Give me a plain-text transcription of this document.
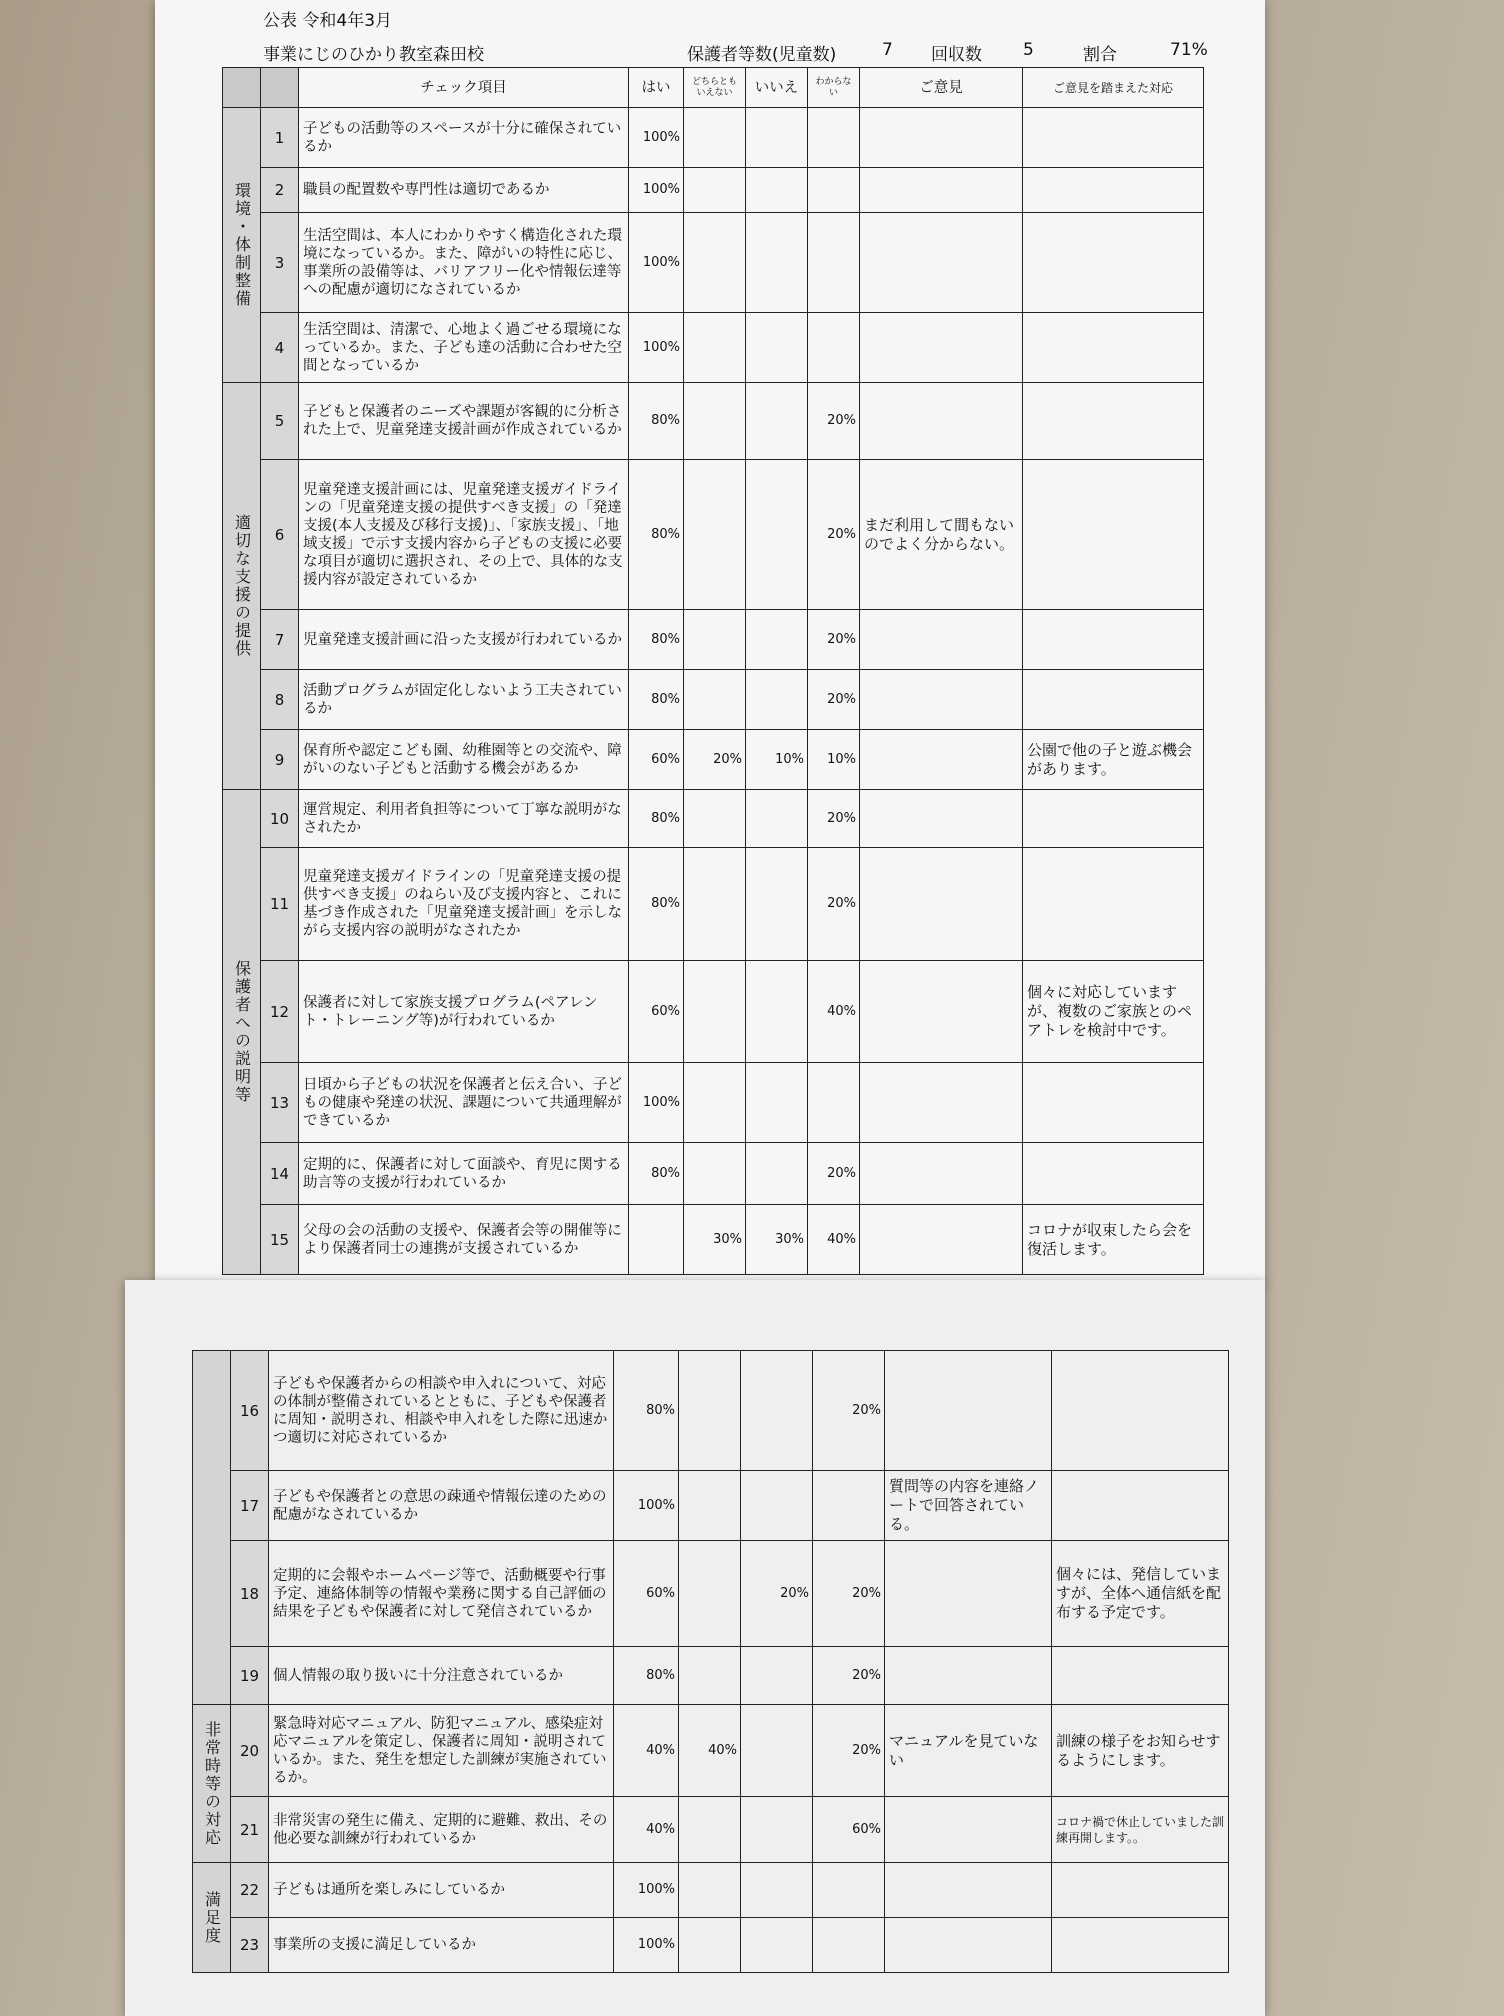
公表 令和4年3月
事業にじのひかり教室森田校	保護者等数(児童数)	7 回収数 5	割合	71%
		チェック項目	はい	どちらともいえない	いいえ	わからない	ご意見	ご意見を踏まえた対応
環境・体制整備	1	子どもの活動等のスペースが十分に確保されているか	100%					
	2	職員の配置数や専門性は適切であるか	100%					
	3	生活空間は、本人にわかりやすく構造化された環境になっているか。また、障がいの特性に応じ、事業所の設備等は、バリアフリー化や情報伝達等への配慮が適切になされているか	100%					
	4	生活空間は、清潔で、心地よく過ごせる環境になっているか。また、子ども達の活動に合わせた空間となっているか	100%					
適切な支援の提供	5	子どもと保護者のニーズや課題が客観的に分析された上で、児童発達支援計画が作成されているか	80%			20%		
	6	児童発達支援計画には、児童発達支援ガイドラインの「児童発達支援の提供すべき支援」の「発達支援(本人支援及び移行支援)」、「家族支援」、「地域支援」で示す支援内容から子どもの支援に必要な項目が適切に選択され、その上で、具体的な支援内容が設定されているか	80%			20%	まだ利用して間もないのでよく分からない。	
	7	児童発達支援計画に沿った支援が行われているか	80%			20%		
	8	活動プログラムが固定化しないよう工夫されているか	80%			20%		
	9	保育所や認定こども園、幼稚園等との交流や、障がいのない子どもと活動する機会があるか	60%	20%	10%	10%		公園で他の子と遊ぶ機会があります。
保護者への説明等	10	運営規定、利用者負担等について丁寧な説明がなされたか	80%			20%		
	11	児童発達支援ガイドラインの「児童発達支援の提供すべき支援」のねらい及び支援内容と、これに基づき作成された「児童発達支援計画」を示しながら支援内容の説明がなされたか	80%			20%		
	12	保護者に対して家族支援プログラム(ペアレント・トレーニング等)が行われているか	60%			40%		個々に対応していますが、複数のご家族とのペアトレを検討中です。
	13	日頃から子どもの状況を保護者と伝え合い、子どもの健康や発達の状況、課題について共通理解ができているか	100%					
	14	定期的に、保護者に対して面談や、育児に関する助言等の支援が行われているか	80%			20%		
	15	父母の会の活動の支援や、保護者会等の開催等により保護者同士の連携が支援されているか		30%	30%	40%		コロナが収束したら会を復活します。
	16	子どもや保護者からの相談や申入れについて、対応の体制が整備されているとともに、子どもや保護者に周知・説明され、相談や申入れをした際に迅速かつ適切に対応されているか	80%			20%		
	17	子どもや保護者との意思の疎通や情報伝達のための配慮がなされているか	100%				質問等の内容を連絡ノートで回答されている。	
	18	定期的に会報やホームページ等で、活動概要や行事予定、連絡体制等の情報や業務に関する自己評価の結果を子どもや保護者に対して発信されているか	60%		20%	20%		個々には、発信していますが、全体へ通信紙を配布する予定です。
	19	個人情報の取り扱いに十分注意されているか	80%			20%		
非常時等の対応	20	緊急時対応マニュアル、防犯マニュアル、感染症対応マニュアルを策定し、保護者に周知・説明されているか。また、発生を想定した訓練が実施されているか。	40%	40%		20%	マニュアルを見ていない	訓練の様子をお知らせするようにします。
	21	非常災害の発生に備え、定期的に避難、救出、その他必要な訓練が行われているか	40%			60%		コロナ禍で休止していました訓練再開します。。
満足度	22	子どもは通所を楽しみにしているか	100%					
	23	事業所の支援に満足しているか	100%					
